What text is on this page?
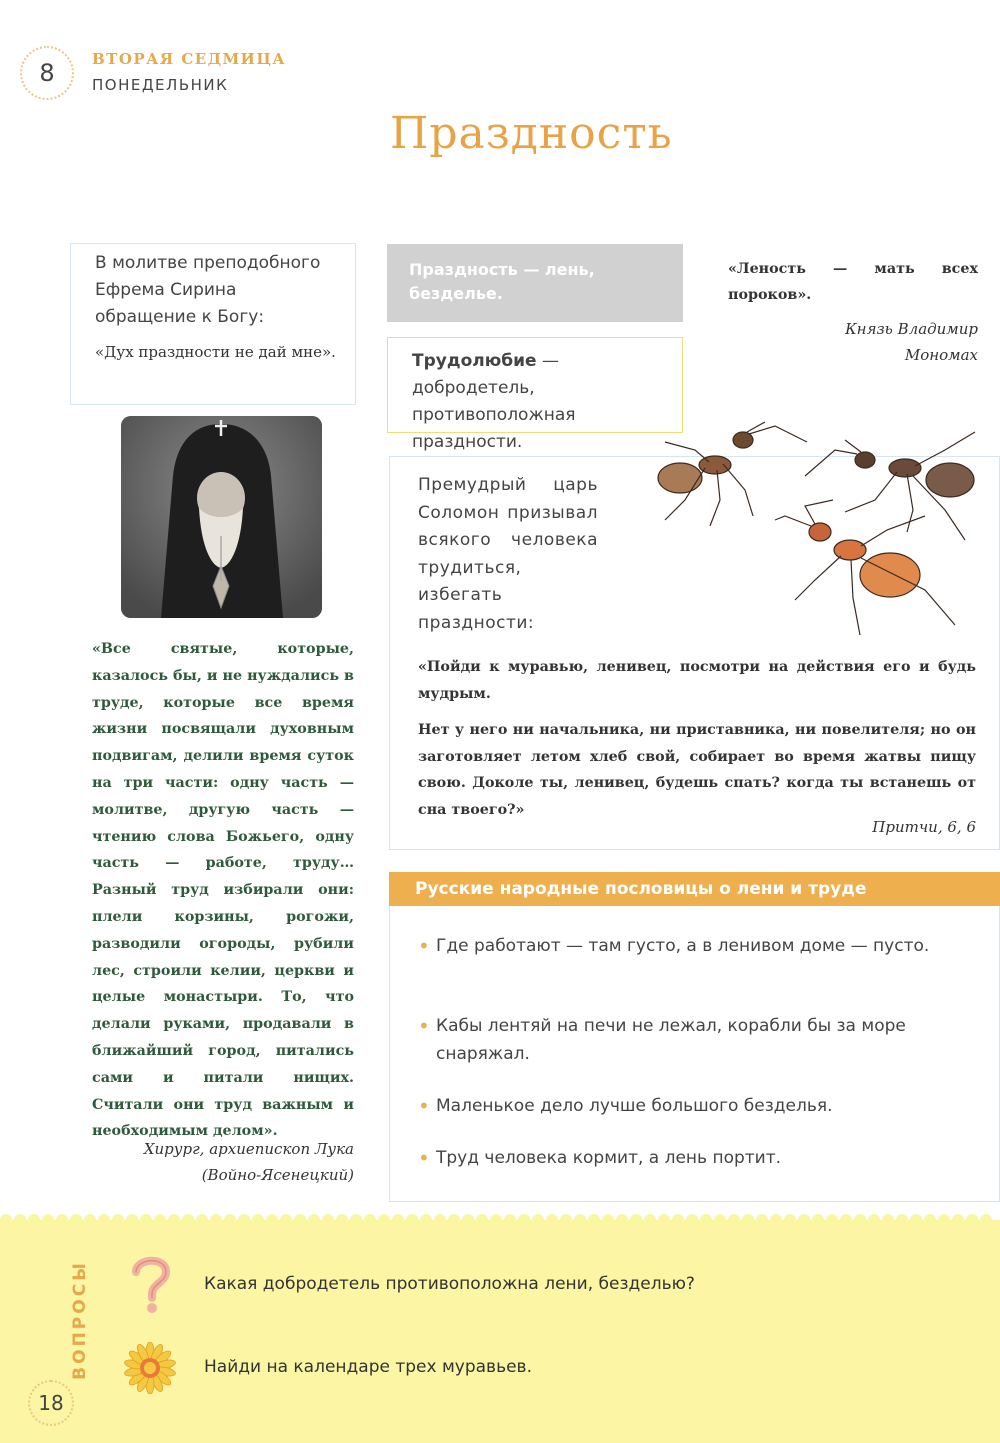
8 ВТОРАЯ СЕДМИЦА
ПОНЕДЕЛЬНИК
Праздность

В молитве преподобного Ефрема Сирина обращение к Богу:

«Дух праздности не дай мне».

«Все святые, которые, казалось бы, и не нуждались в труде, которые все время жизни посвящали духовным подвигам, делили время суток на три части: одну часть — молитве, другую часть — чтению слова Божьего, одну часть — работе, труду… Разный труд избирали они: плели корзины, рогожи, разводили огороды, рубили лес, строили келии, церкви и целые монастыри. То, что делали руками, продавали в ближайший город, питались сами и питали нищих. Считали они труд важным и необходимым делом».

Хирург, архиепископ Лука
(Войно-Ясенецкий)

Праздность — лень, безделье.

Трудолюбие — добродетель, противоположная праздности.

«Леность — мать всех пороков».

Князь Владимир
Мономах

Премудрый царь Соломон призывал всякого человека трудиться, избегать праздности:

«Пойди к муравью, ленивец, посмотри на действия его и будь мудрым.
Нет у него ни начальника, ни приставника, ни повелителя; но он заготовляет летом хлеб свой, собирает во время жатвы пищу свою. Доколе ты, ленивец, будешь спать? когда ты встанешь от сна твоего?»

Притчи, 6, 6

Русские народные пословицы о лени и труде

• Где работают — там густо, а в ленивом доме — пусто.
• Кабы лентяй на печи не лежал, корабли бы за море снаряжал.
• Маленькое дело лучше большого безделья.
• Труд человека кормит, а лень портит.
ВОПРОСЫ
18
Какая добродетель противоположна лени, безделью?
Найди на календаре трех муравьев.
